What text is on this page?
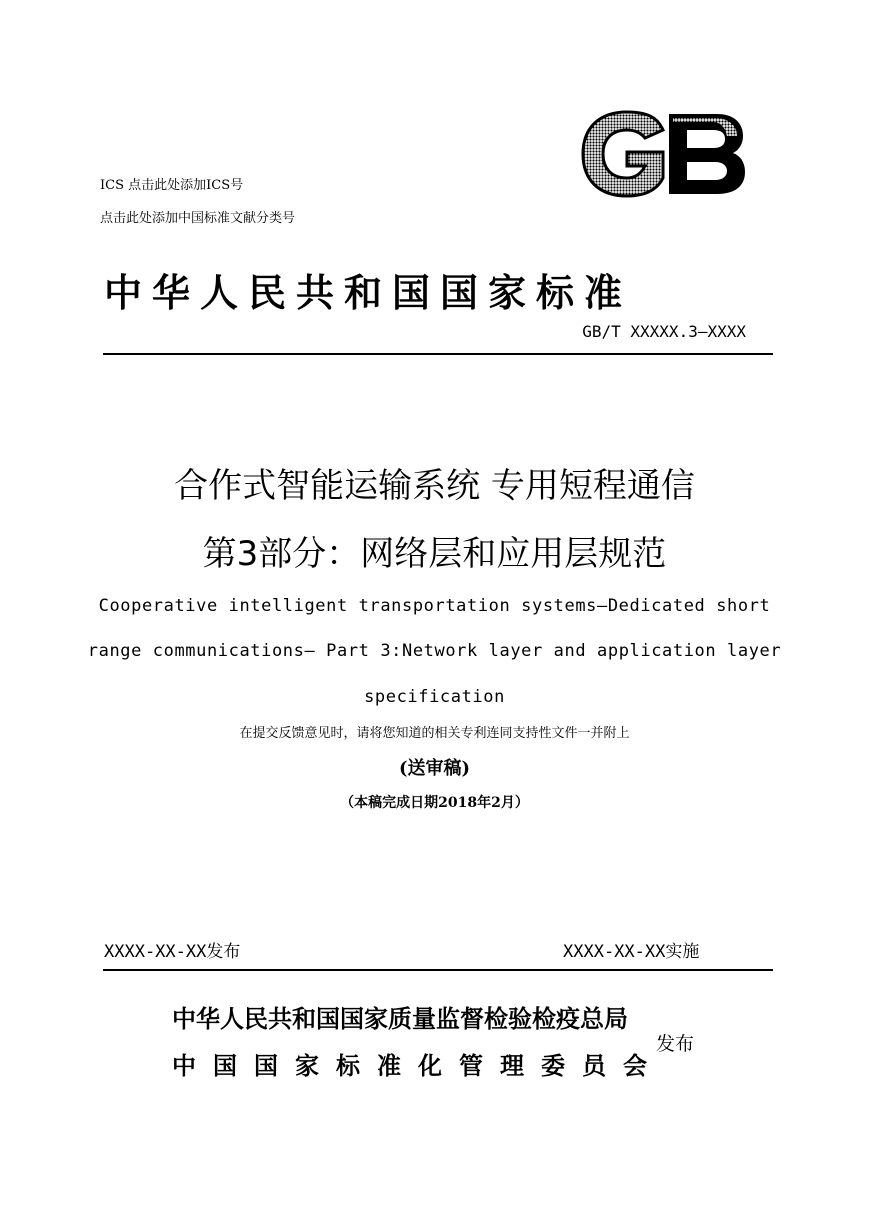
ICS 点击此处添加ICS号
点击此处添加中国标准文献分类号
中华人民共和国国家标准
GB/T XXXXX.3—XXXX
合作式智能运输系统 专用短程通信
第3部分：网络层和应用层规范
Cooperative intelligent transportation systems—Dedicated short
range communications— Part 3:Network layer and application layer
specification
在提交反馈意见时，请将您知道的相关专利连同支持性文件一并附上
(送审稿)
（本稿完成日期2018年2月）
XXXX-XX-XX发布	XXXX-XX-XX实施
中华人民共和国国家质量监督检验检疫总局
中国国家标准化管理委员会
发布
